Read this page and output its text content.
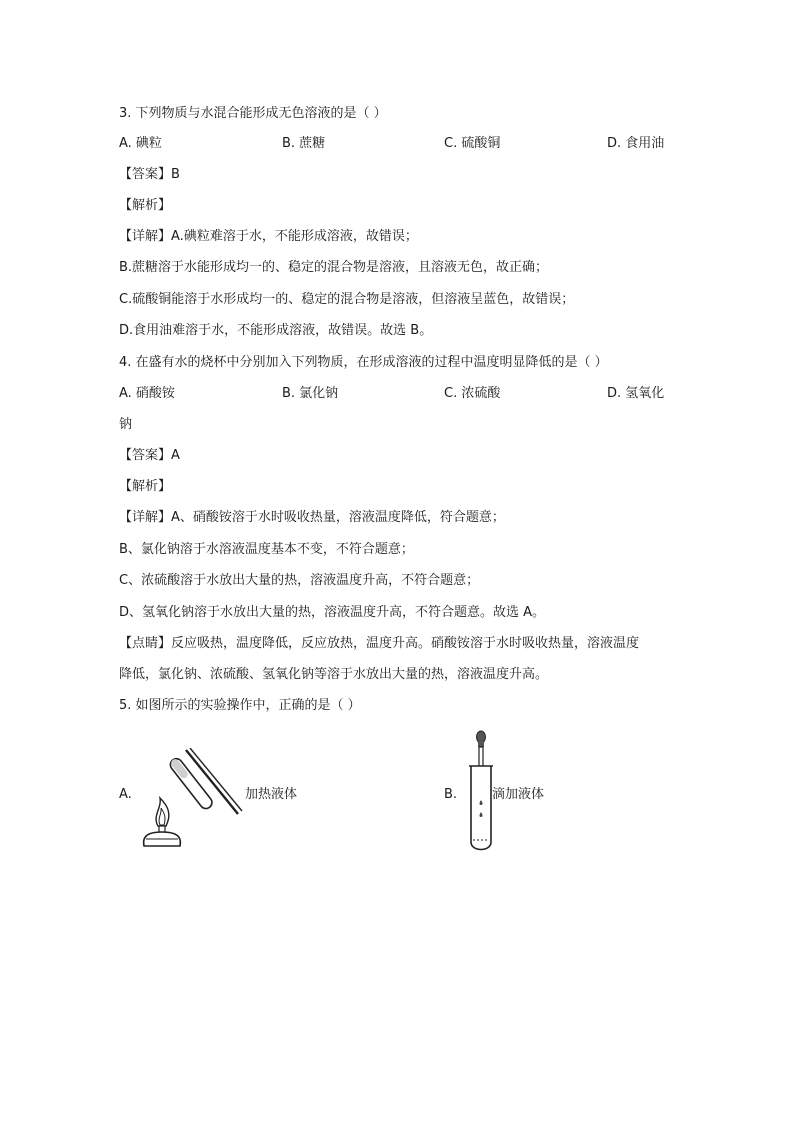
3. 下列物质与水混合能形成无色溶液的是（ ）
A. 碘粒	B. 蔗糖	C. 硫酸铜	D. 食用油
【答案】B
【解析】
【详解】A.碘粒难溶于水，不能形成溶液，故错误；
B.蔗糖溶于水能形成均一的、稳定的混合物是溶液，且溶液无色，故正确；
C.硫酸铜能溶于水形成均一的、稳定的混合物是溶液，但溶液呈蓝色，故错误；
D.食用油难溶于水，不能形成溶液，故错误。故选 B。
4. 在盛有水的烧杯中分别加入下列物质，在形成溶液的过程中温度明显降低的是（ ）
A. 硝酸铵	B. 氯化钠	C. 浓硫酸	D. 氢氧化
钠
【答案】A
【解析】
【详解】A、硝酸铵溶于水时吸收热量，溶液温度降低，符合题意；
B、氯化钠溶于水溶液温度基本不变，不符合题意；
C、浓硫酸溶于水放出大量的热，溶液温度升高，不符合题意；
D、氢氧化钠溶于水放出大量的热，溶液温度升高，不符合题意。故选 A。
【点睛】反应吸热，温度降低，反应放热，温度升高。硝酸铵溶于水时吸收热量，溶液温度
降低，氯化钠、浓硫酸、氢氧化钠等溶于水放出大量的热，溶液温度升高。
5. 如图所示的实验操作中，正确的是（ ）
A.	加热液体	B.	滴加液体
